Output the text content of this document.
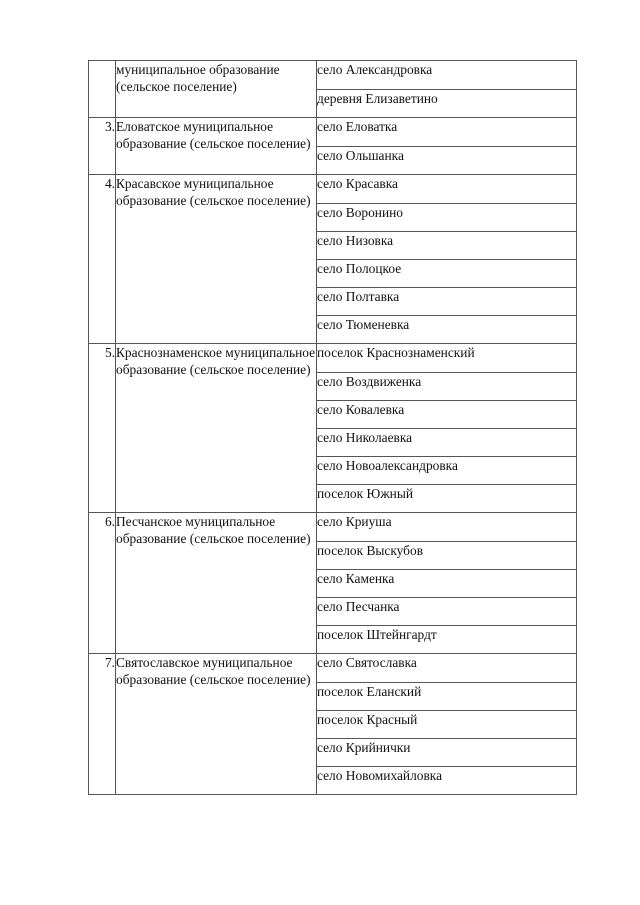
	муниципальное образование (сельское поселение)	село Александровка
		деревня Елизаветино
3.	Еловатское муниципальное образование (сельское поселение)	село Еловатка
		село Ольшанка
4.	Красавское муниципальное образование (сельское поселение)	село Красавка
		село Воронино
		село Низовка
		село Полоцкое
		село Полтавка
		село Тюменевка
5.	Краснознаменское муниципальное образование (сельское поселение)	поселок Краснознаменский
		село Воздвиженка
		село Ковалевка
		село Николаевка
		село Новоалександровка
		поселок Южный
6.	Песчанское муниципальное образование (сельское поселение)	село Криуша
		поселок Выскубов
		село Каменка
		село Песчанка
		поселок Штейнгардт
7.	Святославское муниципальное образование (сельское поселение)	село Святославка
		поселок Еланский
		поселок Красный
		село Крийнички
		село Новомихайловка
